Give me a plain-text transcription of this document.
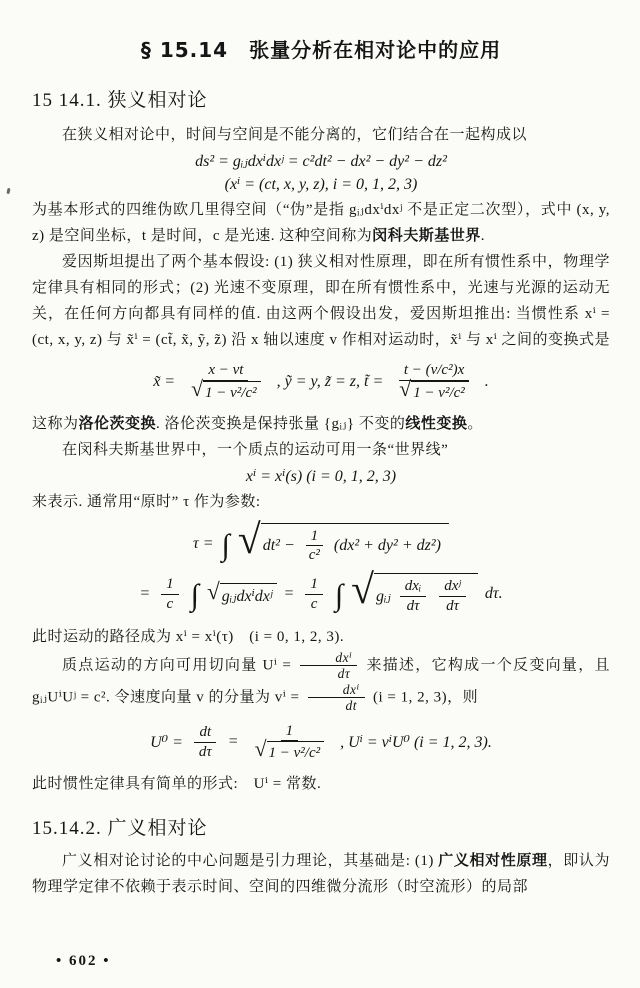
§ 15.14　张量分析在相对论中的应用
15 14.1. 狭义相对论

在狭义相对论中，时间与空间是不能分离的，它们结合在一起构成以

ds² = gᵢⱼdxⁱdxʲ = c²dt² − dx² − dy² − dz²
(xⁱ = (ct, x, y, z), i = 0, 1, 2, 3)

为基本形式的四维伪欧几里得空间（“伪”是指 gᵢⱼdxⁱdxʲ 不是正定二次型），式中 (x, y, z) 是空间坐标，t 是时间，c 是光速. 这种空间称为闵科夫斯基世界.

爱因斯坦提出了两个基本假设: (1) 狭义相对性原理，即在所有惯性系中，物理学定律具有相同的形式；(2) 光速不变原理，即在所有惯性系中，光速与光源的运动无关，在任何方向都具有同样的值. 由这两个假设出发，爱因斯坦推出: 当惯性系 xⁱ = (ct, x, y, z) 与 x̃ⁱ = (ct̃, x̃, ỹ, z̃) 沿 x 轴以速度 v 作相对运动时，x̃ⁱ 与 xⁱ 之间的变换式是

x̃ = $\frac{x - vt}{\text{√ 1 − v²/c²}}$ , ỹ = y, z̃ = z, t̃ = $\frac{\text{t − (v/c²)x}}{\text{√ 1 − v²/c²}}$ .

这称为洛伦茨变换. 洛伦茨变换是保持张量 {gᵢⱼ} 不变的线性变换。

在闵科夫斯基世界中，一个质点的运动可用一条“世界线”

xⁱ = xⁱ(s) (i = 0, 1, 2, 3)

来表示. 通常用“原时” τ 作为参数:

τ = ∫ √ $dt^2 - \frac{1}{\text{c²}} (dx^2 + dy^2 + dz^2)$
= $\frac{1}{c}$ ∫ √ gᵢⱼdxⁱdxʲ = $\frac{1}{c}$ ∫ √ gᵢⱼ $\frac{\text{dxᵢ}}{d\tau} \frac{\text{dxʲ}}{d\tau} d\tau$.

此时运动的路径成为 xⁱ = xⁱ(τ)　(i = 0, 1, 2, 3).

质点运动的方向可用切向量 $U^i = \frac{\text{dxⁱ}}{d\tau}$ 来描述，它构成一个反变向量，且 gᵢⱼUⁱUʲ = c². 令速度向量 v 的分量为 $v^i = \frac{\text{dxⁱ}}{dt} (i = 1$, 2, 3)，则

$U^0 = \frac{dt}{d\tau} = \frac{1}{\text{√ 1 − v²/c²}}$ , Uⁱ = vⁱU⁰ (i = 1, 2, 3).

此时惯性定律具有简单的形式:　Uⁱ = 常数.

15.14.2. 广义相对论

广义相对论讨论的中心问题是引力理论，其基础是: (1) 广义相对性原理，即认为物理学定律不依赖于表示时间、空间的四维微分流形（时空流形）的局部

• 602 •
